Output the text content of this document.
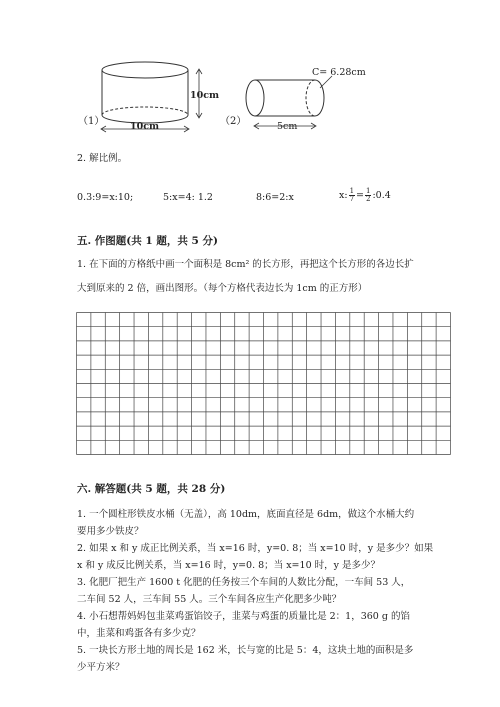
（1）
10cm
10cm	（2）
C= 6.28cm
5cm
2. 解比例。
0.3:9=x:10;	5:x=4: 1.2	8:6=2:x	x: $\frac{1}{7} = \frac{1}{2}$ :0.4
五. 作图题(共 1 题，共 5 分)
1. 在下面的方格纸中画一个面积是 8cm² 的长方形，再把这个长方形的各边长扩
大到原来的 2 倍，画出图形。（每个方格代表边长为 1cm 的正方形）
六. 解答题(共 5 题，共 28 分)
1. 一个圆柱形铁皮水桶（无盖），高 10dm，底面直径是 6dm，做这个水桶大约
要用多少铁皮？
2. 如果 x 和 y 成正比例关系，当 x=16 时，y=0. 8；当 x=10 时，y 是多少？如果
x 和 y 成反比例关系，当 x=16 时，y=0. 8；当 x=10 时，y 是多少？
3. 化肥厂把生产 1600 t 化肥的任务按三个车间的人数比分配，一车间 53 人，
二车间 52 人，三车间 55 人。三个车间各应生产化肥多少吨？
4. 小石想帮妈妈包韭菜鸡蛋馅饺子，韭菜与鸡蛋的质量比是 2：1，360 g 的馅
中，韭菜和鸡蛋各有多少克？
5. 一块长方形土地的周长是 162 米，长与宽的比是 5：4，这块土地的面积是多
少平方米？
